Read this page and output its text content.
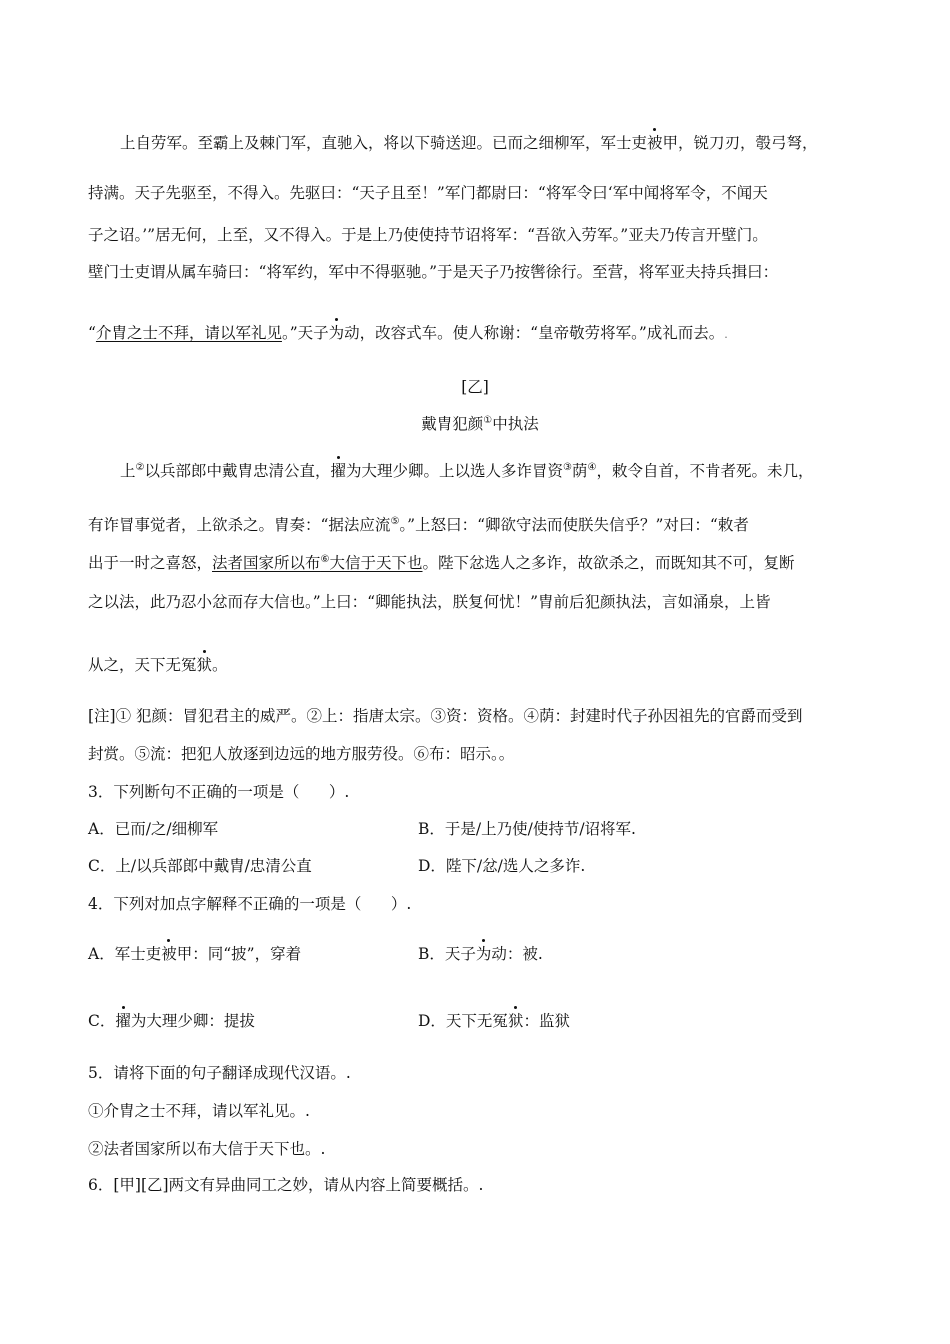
上自劳军。至霸上及棘门军，直驰入，将以下骑送迎。已而之细柳军，军士吏被甲，锐刀刃，彀弓弩，
持满。天子先驱至，不得入。先驱曰：“天子且至！”军门都尉曰：“将军令曰‘军中闻将军令，不闻天
子之诏。’”居无何，上至，又不得入。于是上乃使使持节诏将军：“吾欲入劳军。”亚夫乃传言开壁门。
壁门士吏谓从属车骑曰：“将军约，军中不得驱驰。”于是天子乃按辔徐行。至营，将军亚夫持兵揖曰：
“介胄之士不拜，请以军礼见。”天子为动，改容式车。使人称谢：“皇帝敬劳将军。”成礼而去。.
[乙]
戴胄犯颜①中执法
上②以兵部郎中戴胄忠清公直，擢为大理少卿。上以选人多诈冒资③荫④，敕令自首，不肯者死。未几，
有诈冒事觉者，上欲杀之。胄奏：“据法应流⑤。”上怒曰：“卿欲守法而使朕失信乎？”对曰：“敕者
出于一时之喜怒，法者国家所以布⑥大信于天下也。陛下忿选人之多诈，故欲杀之，而既知其不可，复断
之以法，此乃忍小忿而存大信也。”上曰：“卿能执法，朕复何忧！”胄前后犯颜执法，言如涌泉，上皆
从之，天下无冤狱。
[注]① 犯颜：冒犯君主的威严。②上：指唐太宗。③资：资格。④荫：封建时代子孙因祖先的官爵而受到
封赏。⑤流：把犯人放逐到边远的地方服劳役。⑥布：昭示。。
3．下列断句不正确的一项是（      ）.
A．已而/之/细柳军	B．于是/上乃使/使持节/诏将军.
C．上/以兵部郎中戴胄/忠清公直	D．陛下/忿/选人之多诈.
4．下列对加点字解释不正确的一项是（      ）.
A．军士吏被甲：同“披”，穿着	B．天子为动：被.
C．擢为大理少卿：提拔	D．天下无冤狱：监狱
5．请将下面的句子翻译成现代汉语。.
①介胄之士不拜，请以军礼见。.
②法者国家所以布大信于天下也。.
6．[甲][乙]两文有异曲同工之妙，请从内容上简要概括。.
